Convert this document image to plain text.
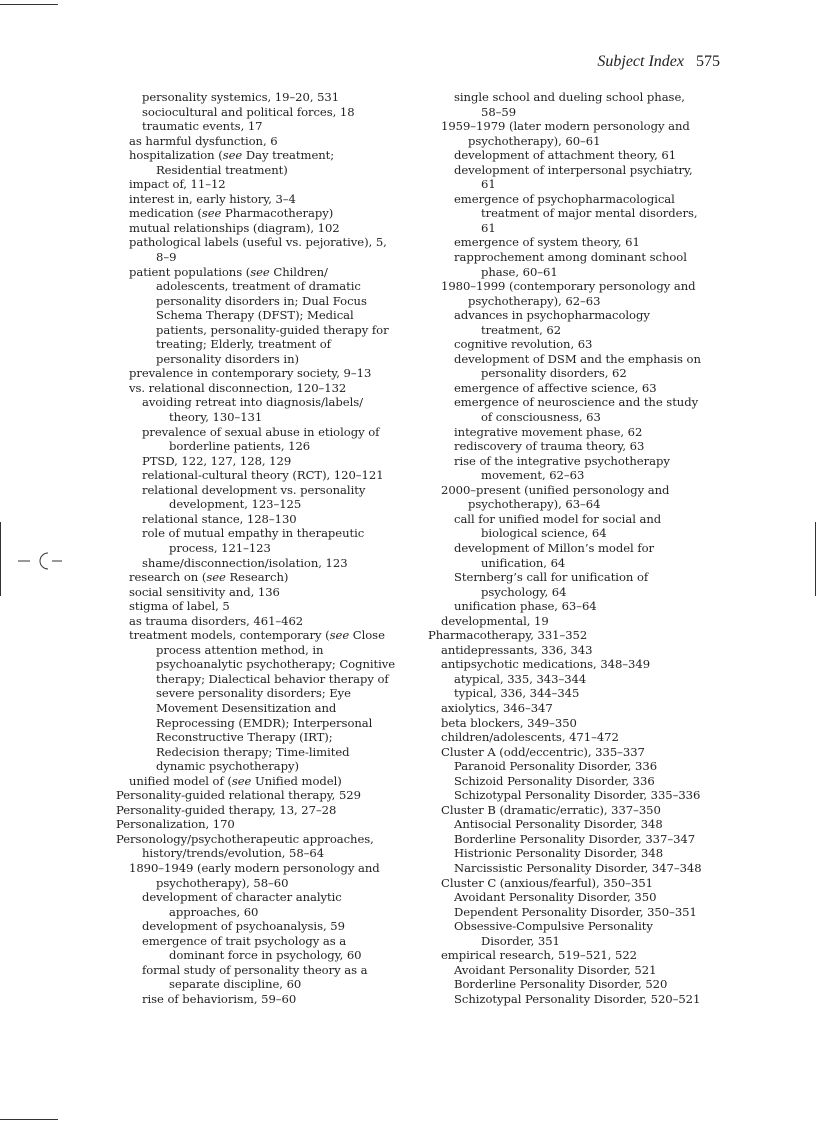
Subject Index 575
personality systemics, 19–20, 531
sociocultural and political forces, 18
traumatic events, 17
as harmful dysfunction, 6
hospitalization (see Day treatment;
Residential treatment)
impact of, 11–12
interest in, early history, 3–4
medication (see Pharmacotherapy)
mutual relationships (diagram), 102
pathological labels (useful vs. pejorative), 5,
8–9
patient populations (see Children/
adolescents, treatment of dramatic
personality disorders in; Dual Focus
Schema Therapy (DFST); Medical
patients, personality-guided therapy for
treating; Elderly, treatment of
personality disorders in)
prevalence in contemporary society, 9–13
vs. relational disconnection, 120–132
avoiding retreat into diagnosis/labels/
theory, 130–131
prevalence of sexual abuse in etiology of
borderline patients, 126
PTSD, 122, 127, 128, 129
relational-cultural theory (RCT), 120–121
relational development vs. personality
development, 123–125
relational stance, 128–130
role of mutual empathy in therapeutic
process, 121–123
shame/disconnection/isolation, 123
research on (see Research)
social sensitivity and, 136
stigma of label, 5
as trauma disorders, 461–462
treatment models, contemporary (see Close
process attention method, in
psychoanalytic psychotherapy; Cognitive
therapy; Dialectical behavior therapy of
severe personality disorders; Eye
Movement Desensitization and
Reprocessing (EMDR); Interpersonal
Reconstructive Therapy (IRT);
Redecision therapy; Time-limited
dynamic psychotherapy)
unified model of (see Unified model)
Personality-guided relational therapy, 529
Personality-guided therapy, 13, 27–28
Personalization, 170
Personology/psychotherapeutic approaches,
history/trends/evolution, 58–64
1890–1949 (early modern personology and
psychotherapy), 58–60
development of character analytic
approaches, 60
development of psychoanalysis, 59
emergence of trait psychology as a
dominant force in psychology, 60
formal study of personality theory as a
separate discipline, 60
rise of behaviorism, 59–60
single school and dueling school phase,
58–59
1959–1979 (later modern personology and
psychotherapy), 60–61
development of attachment theory, 61
development of interpersonal psychiatry,
61
emergence of psychopharmacological
treatment of major mental disorders,
61
emergence of system theory, 61
rapprochement among dominant school
phase, 60–61
1980–1999 (contemporary personology and
psychotherapy), 62–63
advances in psychopharmacology
treatment, 62
cognitive revolution, 63
development of DSM and the emphasis on
personality disorders, 62
emergence of affective science, 63
emergence of neuroscience and the study
of consciousness, 63
integrative movement phase, 62
rediscovery of trauma theory, 63
rise of the integrative psychotherapy
movement, 62–63
2000–present (unified personology and
psychotherapy), 63–64
call for unified model for social and
biological science, 64
development of Millon’s model for
unification, 64
Sternberg’s call for unification of
psychology, 64
unification phase, 63–64
developmental, 19
Pharmacotherapy, 331–352
antidepressants, 336, 343
antipsychotic medications, 348–349
atypical, 335, 343–344
typical, 336, 344–345
axiolytics, 346–347
beta blockers, 349–350
children/adolescents, 471–472
Cluster A (odd/eccentric), 335–337
Paranoid Personality Disorder, 336
Schizoid Personality Disorder, 336
Schizotypal Personality Disorder, 335–336
Cluster B (dramatic/erratic), 337–350
Antisocial Personality Disorder, 348
Borderline Personality Disorder, 337–347
Histrionic Personality Disorder, 348
Narcissistic Personality Disorder, 347–348
Cluster C (anxious/fearful), 350–351
Avoidant Personality Disorder, 350
Dependent Personality Disorder, 350–351
Obsessive-Compulsive Personality
Disorder, 351
empirical research, 519–521, 522
Avoidant Personality Disorder, 521
Borderline Personality Disorder, 520
Schizotypal Personality Disorder, 520–521
